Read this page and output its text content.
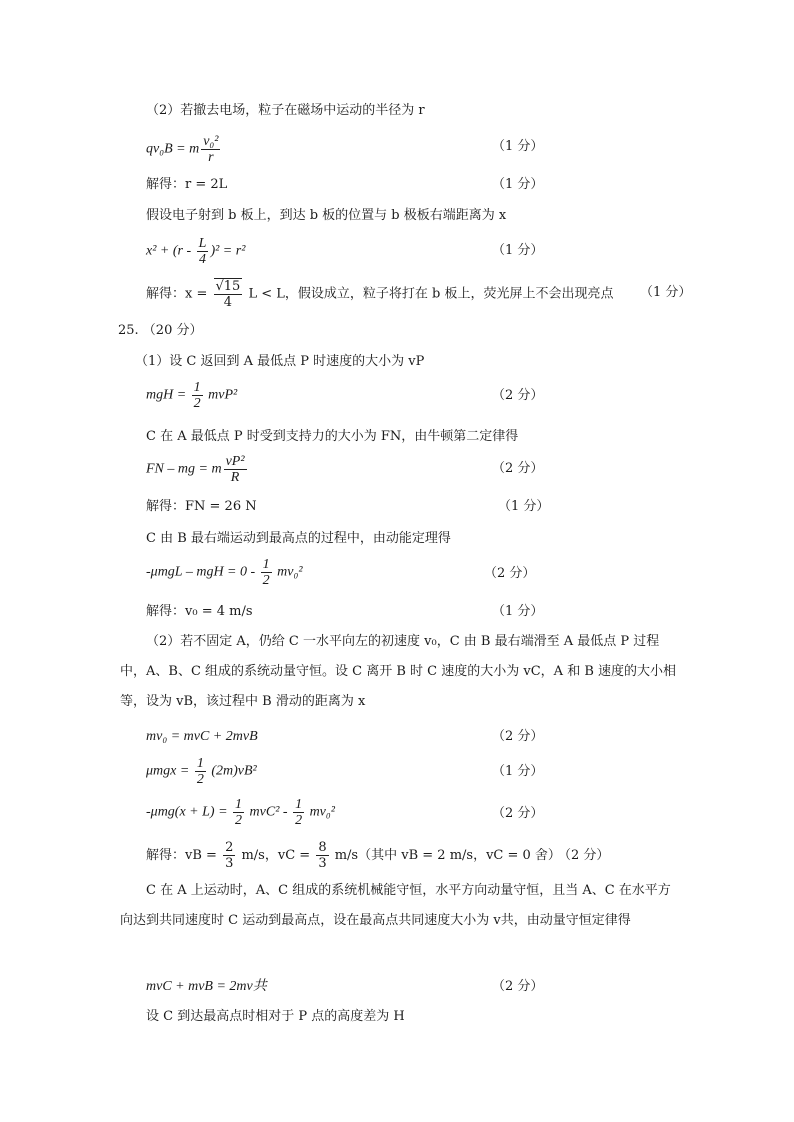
（2）若撤去电场，粒子在磁场中运动的半径为 r
qv₀B = m $\frac{\text{v₀²}}{r}$	（1 分）
解得：r = 2L	（1 分）
假设电子射到 b 板上，到达 b 板的位置与 b 极板右端距离为 x
$x^2 + (r - \frac{L}{4} )^2 = r^2$	（1 分）
解得：$x = \frac{√15}{4}$ L < L，假设成立，粒子将打在 b 板上，荧光屏上不会出现亮点 （1 分）
25. （20 分）
（1）设 C 返回到 A 最低点 P 时速度的大小为 vP
mgH = $\frac{1}{2} mvP^2$	（2 分）
C 在 A 最低点 P 时受到支持力的大小为 FN，由牛顿第二定律得
FN – mg = m $\frac{\text{vP²}}{R}$	（2 分）
解得：FN = 26 N	（1 分）
C 由 B 最右端运动到最高点的过程中，由动能定理得
-μmgL – mgH = $0 - \frac{1}{2} mv_0^2$	（2 分）
解得：v₀ = 4 m/s	（1 分）
（2）若不固定 A，仍给 C 一水平向左的初速度 v₀，C 由 B 最右端滑至 A 最低点 P 过程中，A、B、C 组成的系统动量守恒。设 C 离开 B 时 C 速度的大小为 vC，A 和 B 速度的大小相等，设为 vB，该过程中 B 滑动的距离为 x
mv₀ = mvC + 2mvB	（2 分）
$\mu mgx = \frac{1}{2} (2m)vB^2$	（1 分）
$-\mu mg(x + L) = \frac{1}{2} mvC^2 - \frac{1}{2} mv_0^2$	（2 分）
解得：vB = $\frac{2}{3} m/s$，vC = $\frac{8}{3} m/s$（其中 vB = 2 m/s，vC = 0 舍）
（2 分）
C 在 A 上运动时，A、C 组成的系统机械能守恒，水平方向动量守恒，且当 A、C 在水平方向达到共同速度时 C 运动到最高点，设在最高点共同速度大小为 v共，由动量守恒定律得
mvC + mvB = 2mv共	（2 分）
设 C 到达最高点时相对于 P 点的高度差为 H
